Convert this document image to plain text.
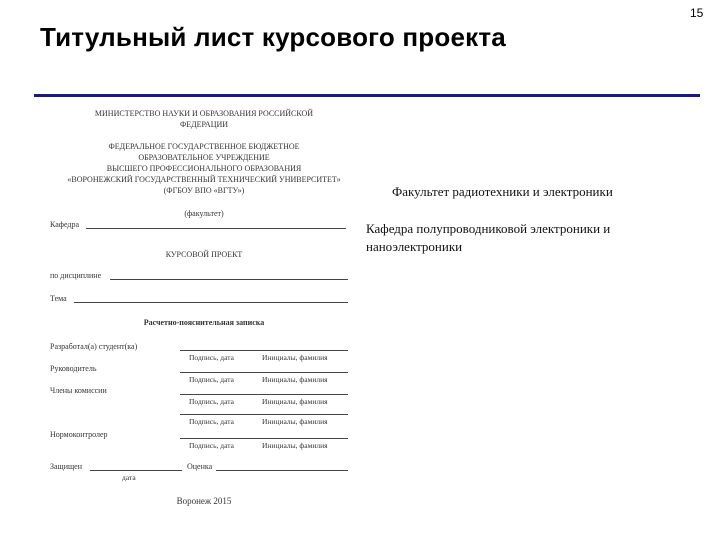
15
Титульный лист курсового проекта
МИНИСТЕРСТВО НАУКИ И ОБРАЗОВАНИЯ РОССИЙСКОЙ
ФЕДЕРАЦИИ
ФЕДЕРАЛЬНОЕ ГОСУДАРСТВЕННОЕ БЮДЖЕТНОЕ
ОБРАЗОВАТЕЛЬНОЕ УЧРЕЖДЕНИЕ
ВЫСШЕГО ПРОФЕССИОНАЛЬНОГО ОБРАЗОВАНИЯ
«ВОРОНЕЖСКИЙ ГОСУДАРСТВЕННЫЙ ТЕХНИЧЕСКИЙ УНИВЕРСИТЕТ»
(ФГБОУ ВПО «ВГТУ»)
(факультет)
Кафедра
КУРСОВОЙ ПРОЕКТ
по дисциплине
Тема
Расчетно-пояснительная записка
Разработал(а) студент(ка)
Подпись, дата	Инициалы, фамилия
Руководитель
Подпись, дата	Инициалы, фамилия
Члены комиссии
Подпись, дата	Инициалы, фамилия
Подпись, дата	Инициалы, фамилия
Нормоконтролер
Подпись, дата	Инициалы, фамилия
Защищен	Оценка
дата
Воронеж 2015
Факультет радиотехники и электроники
Кафедра полупроводниковой электроники и наноэлектроники
